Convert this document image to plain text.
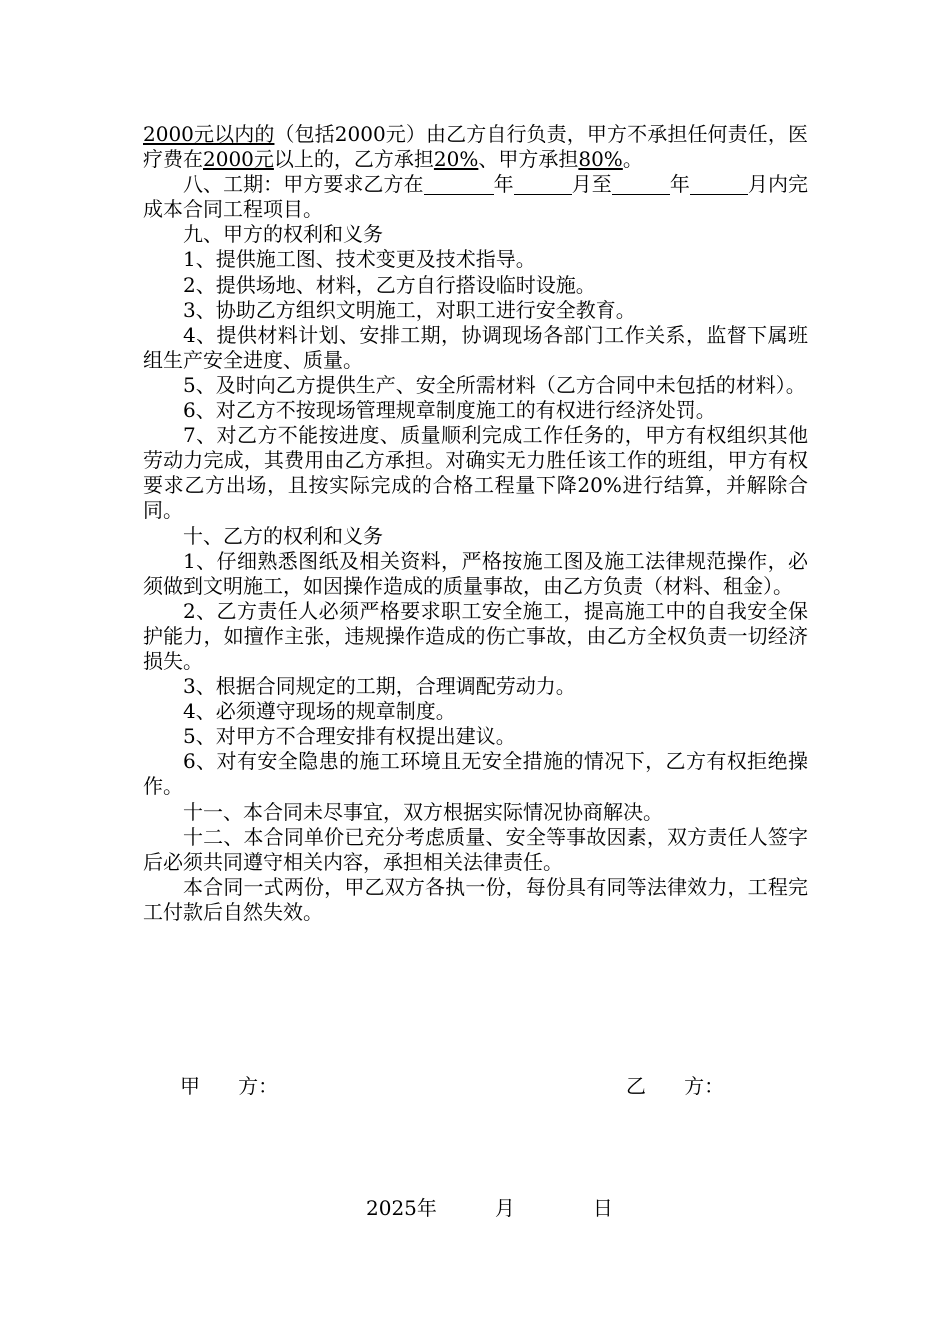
2000元以内的（包括2000元）由乙方自行负责，甲方不承担任何责任，医疗费在2000元以上的，乙方承担20%、甲方承担80%。

八、工期：甲方要求乙方在	年	月至	年	月内完成本合同工程项目。

九、甲方的权利和义务

1、提供施工图、技术变更及技术指导。

2、提供场地、材料，乙方自行搭设临时设施。

3、协助乙方组织文明施工，对职工进行安全教育。

4、提供材料计划、安排工期，协调现场各部门工作关系，监督下属班组生产安全进度、质量。

5、及时向乙方提供生产、安全所需材料（乙方合同中未包括的材料）。

6、对乙方不按现场管理规章制度施工的有权进行经济处罚。

7、对乙方不能按进度、质量顺利完成工作任务的，甲方有权组织其他劳动力完成，其费用由乙方承担。对确实无力胜任该工作的班组，甲方有权要求乙方出场，且按实际完成的合格工程量下降20%进行结算，并解除合同。

十、乙方的权利和义务

1、仔细熟悉图纸及相关资料，严格按施工图及施工法律规范操作，必须做到文明施工，如因操作造成的质量事故，由乙方负责（材料、租金）。

2、乙方责任人必须严格要求职工安全施工，提高施工中的自我安全保护能力，如擅作主张，违规操作造成的伤亡事故，由乙方全权负责一切经济损失。

3、根据合同规定的工期，合理调配劳动力。

4、必须遵守现场的规章制度。

5、对甲方不合理安排有权提出建议。

6、对有安全隐患的施工环境且无安全措施的情况下，乙方有权拒绝操作。

十一、本合同未尽事宜，双方根据实际情况协商解决。

十二、本合同单价已充分考虑质量、安全等事故因素，双方责任人签字后必须共同遵守相关内容，承担相关法律责任。

本合同一式两份，甲乙双方各执一份，每份具有同等法律效力，工程完工付款后自然失效。

甲      方：	乙      方：
2025年	月	日
